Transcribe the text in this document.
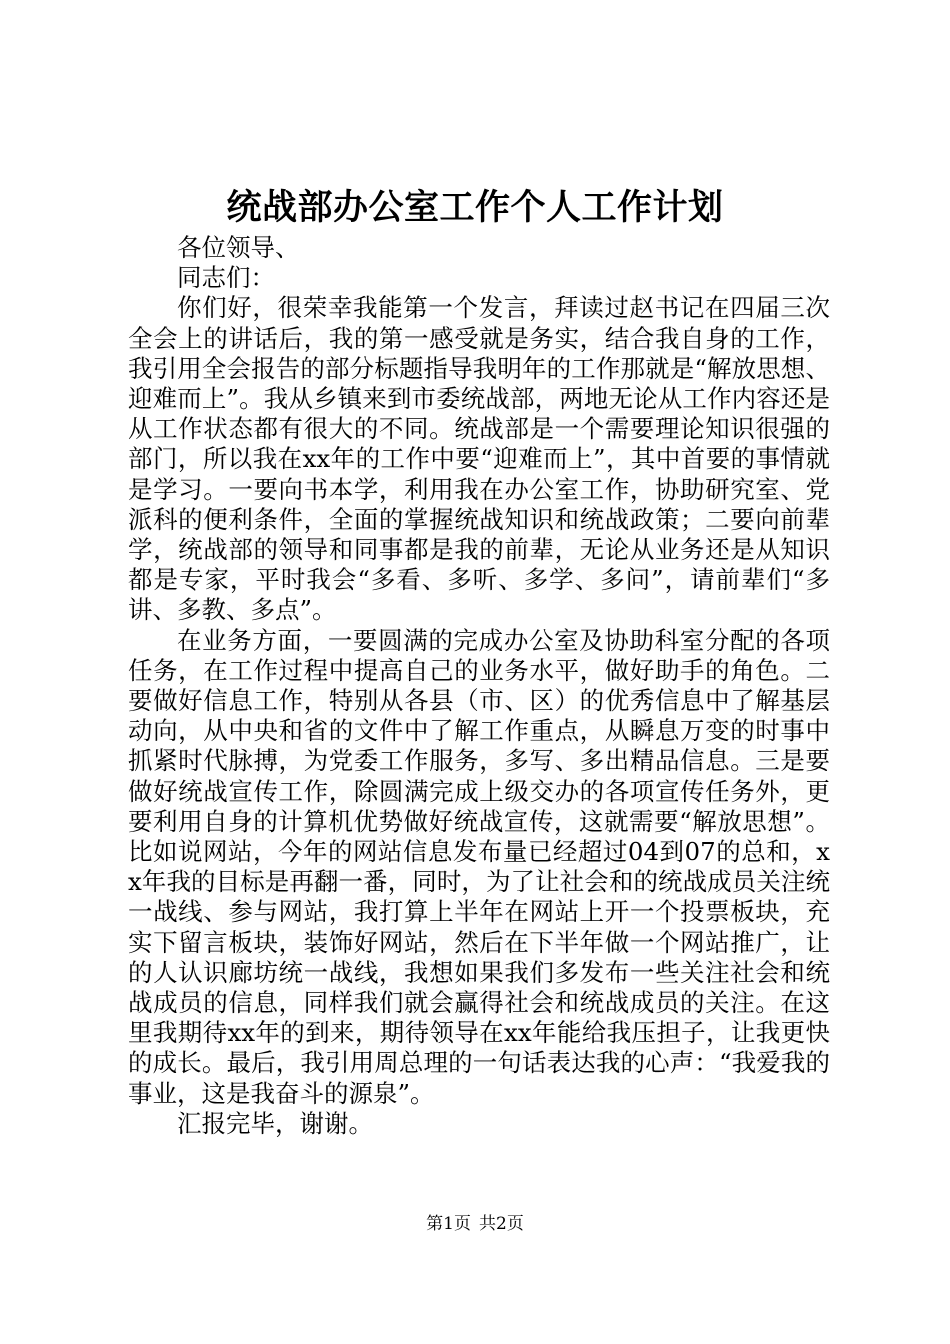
统战部办公室工作个人工作计划

各位领导、

同志们：

你们好，很荣幸我能第一个发言，拜读过赵书记在四届三次全会上的讲话后，我的第一感受就是务实，结合我自身的工作，我引用全会报告的部分标题指导我明年的工作那就是“解放思想、迎难而上”。我从乡镇来到市委统战部，两地无论从工作内容还是从工作状态都有很大的不同。统战部是一个需要理论知识很强的部门，所以我在xx年的工作中要“迎难而上”，其中首要的事情就是学习。一要向书本学，利用我在办公室工作，协助研究室、党派科的便利条件，全面的掌握统战知识和统战政策；二要向前辈学，统战部的领导和同事都是我的前辈，无论从业务还是从知识都是专家，平时我会“多看、多听、多学、多问”，请前辈们“多讲、多教、多点”。

在业务方面，一要圆满的完成办公室及协助科室分配的各项任务，在工作过程中提高自己的业务水平，做好助手的角色。二要做好信息工作，特别从各县（市、区）的优秀信息中了解基层动向，从中央和省的文件中了解工作重点，从瞬息万变的时事中抓紧时代脉搏，为党委工作服务，多写、多出精品信息。三是要做好统战宣传工作，除圆满完成上级交办的各项宣传任务外，更要利用自身的计算机优势做好统战宣传，这就需要“解放思想”。比如说网站，今年的网站信息发布量已经超过04到07的总和，xx年我的目标是再翻一番，同时，为了让社会和的统战成员关注统一战线、参与网站，我打算上半年在网站上开一个投票板块，充实下留言板块，装饰好网站，然后在下半年做一个网站推广，让的人认识廊坊统一战线，我想如果我们多发布一些关注社会和统战成员的信息，同样我们就会赢得社会和统战成员的关注。在这里我期待xx年的到来，期待领导在xx年能给我压担子，让我更快的成长。最后，我引用周总理的一句话表达我的心声：“我爱我的事业，这是我奋斗的源泉”。

汇报完毕，谢谢。

第1页 共2页
